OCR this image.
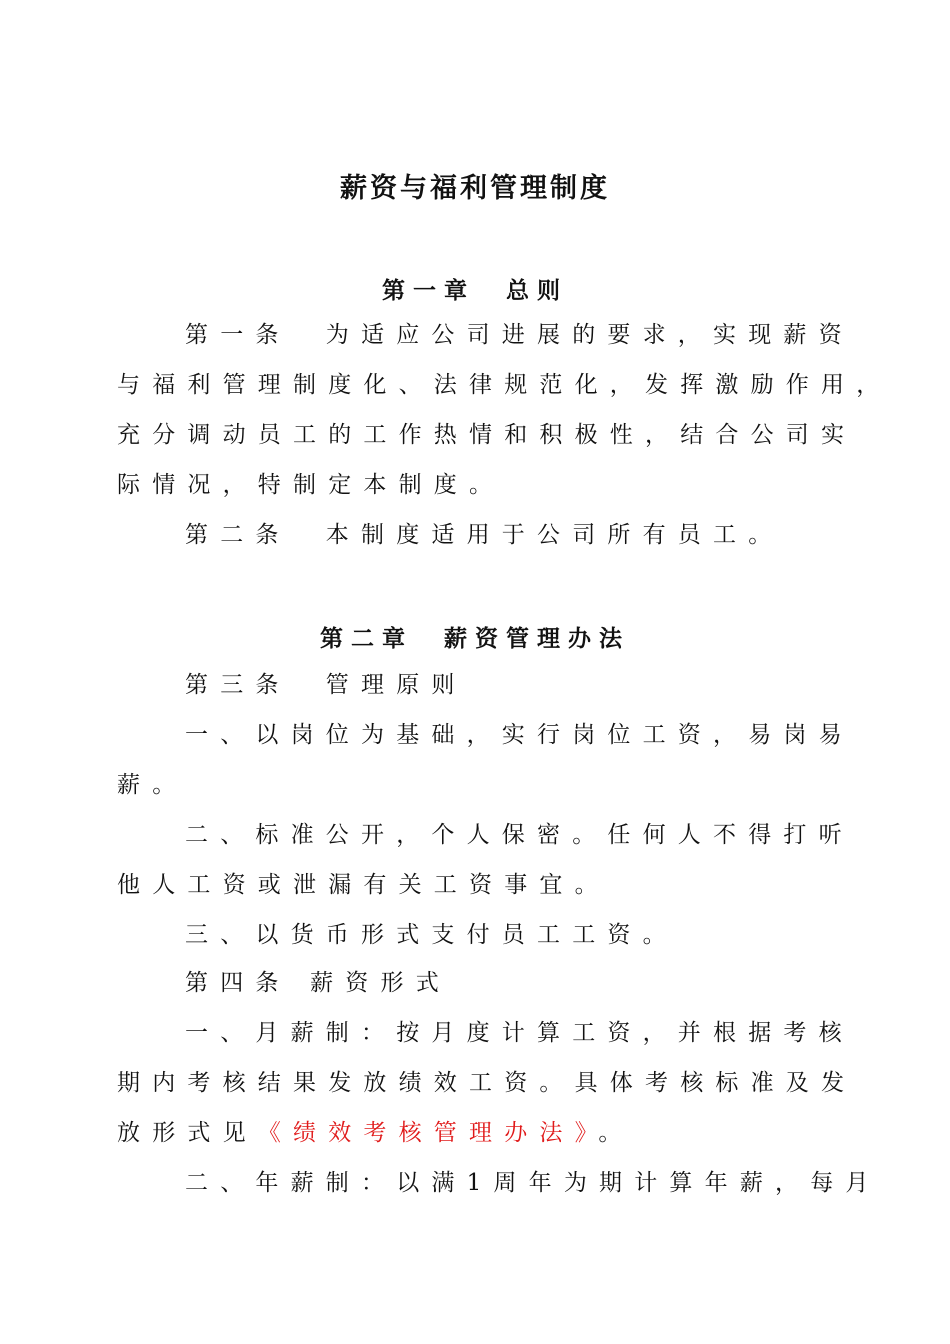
薪资与福利管理制度
第一章　总则

第一条　为适应公司进展的要求，实现薪资

与福利管理制度化、法律规范化，发挥激励作用，

充分调动员工的工作热情和积极性，结合公司实

际情况，特制定本制度。

第二条　本制度适用于公司所有员工。

第二章　薪资管理办法

第三条　管理原则

一、以岗位为基础，实行岗位工资，易岗易

薪。

二、标准公开，个人保密。任何人不得打听

他人工资或泄漏有关工资事宜。

三、以货币形式支付员工工资。

第四条 薪资形式

一、月薪制：按月度计算工资，并根据考核

期内考核结果发放绩效工资。具体考核标准及发

放形式见《绩效考核管理办法》。

二、年薪制：以满1周年为期计算年薪，每月
